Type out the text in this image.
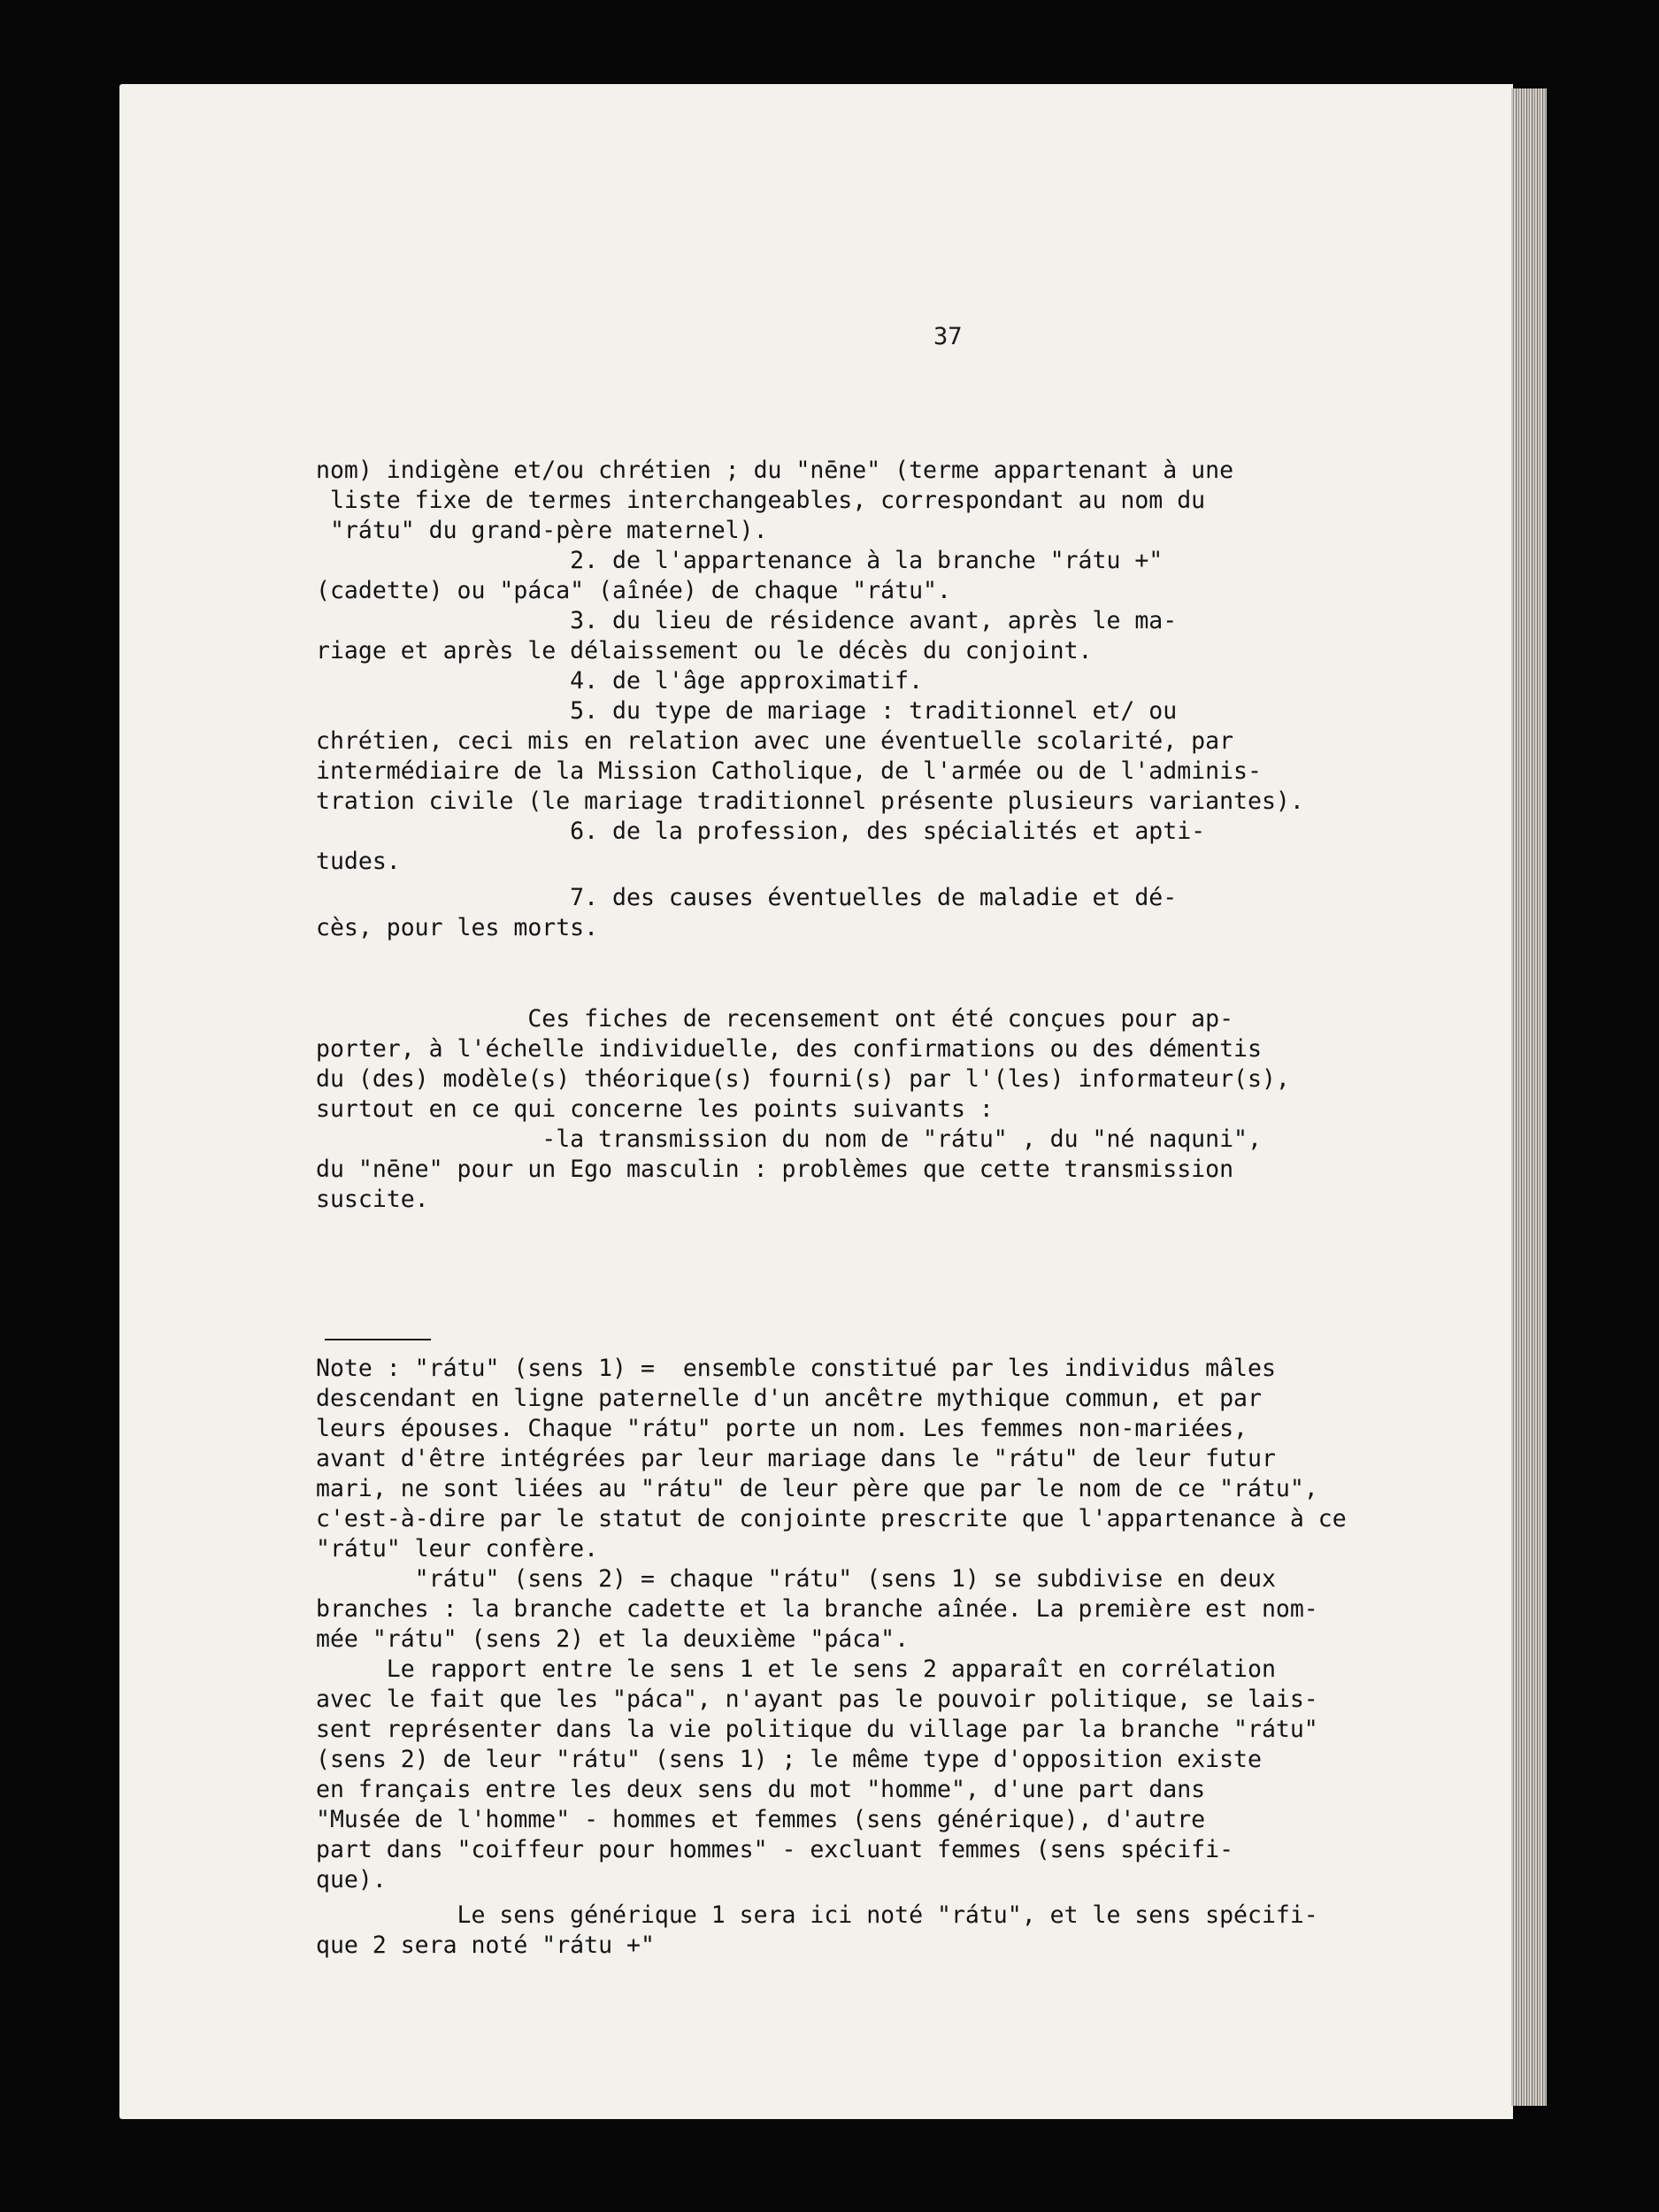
37

nom) indigène et/ou chrétien ; du "nēne" (terme appartenant à une

liste fixe de termes interchangeables, correspondant au nom du

"rátu" du grand-père maternel).

2. de l'appartenance à la branche "rátu +"

(cadette) ou "páca" (aînée) de chaque "rátu".

3. du lieu de résidence avant, après le ma-

riage et après le délaissement ou le décès du conjoint.

4. de l'âge approximatif.

5. du type de mariage : traditionnel et/ ou

chrétien, ceci mis en relation avec une éventuelle scolarité, par

intermédiaire de la Mission Catholique, de l'armée ou de l'adminis-

tration civile (le mariage traditionnel présente plusieurs variantes).

6. de la profession, des spécialités et apti-

tudes.

7. des causes éventuelles de maladie et dé-

cès, pour les morts.

Ces fiches de recensement ont été conçues pour ap-

porter, à l'échelle individuelle, des confirmations ou des démentis

du (des) modèle(s) théorique(s) fourni(s) par l'(les) informateur(s),

surtout en ce qui concerne les points suivants :

-la transmission du nom de "rátu" , du "né naquni",

du "nēne" pour un Ego masculin : problèmes que cette transmission

suscite.

Note : "rátu" (sens 1) =  ensemble constitué par les individus mâles

descendant en ligne paternelle d'un ancêtre mythique commun, et par

leurs épouses. Chaque "rátu" porte un nom. Les femmes non-mariées,

avant d'être intégrées par leur mariage dans le "rátu" de leur futur

mari, ne sont liées au "rátu" de leur père que par le nom de ce "rátu",

c'est-à-dire par le statut de conjointe prescrite que l'appartenance à ce

"rátu" leur confère.

"rátu" (sens 2) = chaque "rátu" (sens 1) se subdivise en deux

branches : la branche cadette et la branche aînée. La première est nom-

mée "rátu" (sens 2) et la deuxième "páca".

Le rapport entre le sens 1 et le sens 2 apparaît en corrélation

avec le fait que les "páca", n'ayant pas le pouvoir politique, se lais-

sent représenter dans la vie politique du village par la branche "rátu"

(sens 2) de leur "rátu" (sens 1) ; le même type d'opposition existe

en français entre les deux sens du mot "homme", d'une part dans

"Musée de l'homme" - hommes et femmes (sens générique), d'autre

part dans "coiffeur pour hommes" - excluant femmes (sens spécifi-

que).

Le sens générique 1 sera ici noté "rátu", et le sens spécifi-

que 2 sera noté "rátu +"
